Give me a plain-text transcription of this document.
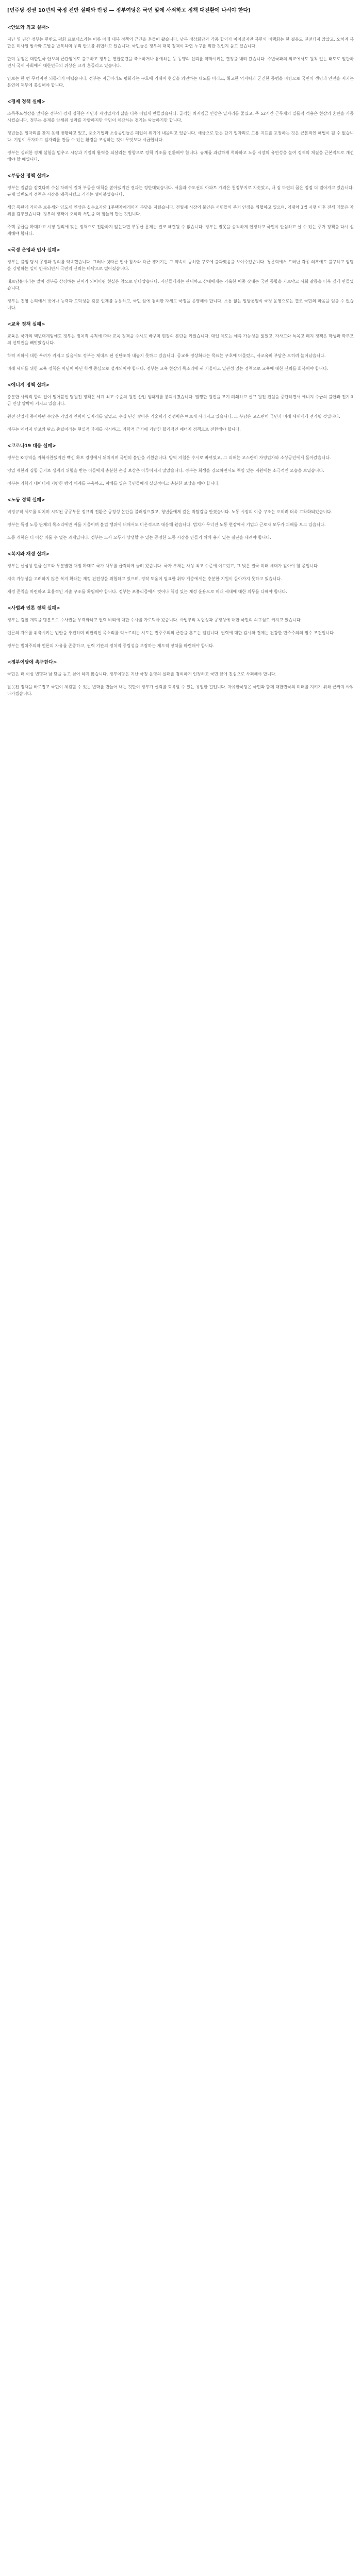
[민주당 정권 10년의 국정 전반 실패와 반성 — 정부여당은 국민 앞에 사죄하고 정책 대전환에 나서야 한다]
<안보와 외교 실패>

지난 몇 년간 정부는 한반도 평화 프로세스라는 이름 아래 대북 정책의 근간을 흔들어 왔습니다. 남북 정상회담과 각종 합의가 이어졌지만 북한의 비핵화는 한 걸음도 진전되지 않았고, 오히려 북한은 미사일 발사와 도발을 반복하며 우리 안보를 위협하고 있습니다. 국민들은 정부의 대북 정책이 과연 누구를 위한 것인지 묻고 있습니다.

한미 동맹은 대한민국 안보의 근간임에도 불구하고 정부는 연합훈련을 축소하거나 유예하는 등 동맹의 신뢰를 약화시키는 결정을 내려 왔습니다. 주변국과의 외교에서도 원칙 없는 태도로 일관하면서 국제 사회에서 대한민국의 위상은 크게 흔들리고 있습니다.

안보는 한 번 무너지면 되돌리기 어렵습니다. 정부는 지금이라도 평화라는 구호에 기대어 현실을 외면하는 태도를 버리고, 확고한 억지력과 굳건한 동맹을 바탕으로 국민의 생명과 안전을 지키는 본연의 책무에 충실해야 합니다.

<경제 정책 실패>

소득주도성장을 앞세운 정부의 경제 정책은 서민과 자영업자의 삶을 더욱 어렵게 만들었습니다. 급격한 최저임금 인상은 일자리를 줄였고, 주 52시간 근무제의 일률적 적용은 현장의 혼란을 가중시켰습니다. 정부는 통계를 앞세워 성과를 자랑하지만 국민이 체감하는 경기는 싸늘하기만 합니다.

청년들은 일자리를 찾지 못해 방황하고 있고, 중소기업과 소상공인들은 폐업의 위기에 내몰리고 있습니다. 세금으로 만든 단기 일자리로 고용 지표를 포장하는 것은 근본적인 해법이 될 수 없습니다. 기업이 투자하고 일자리를 만들 수 있는 환경을 조성하는 것이 무엇보다 시급합니다.

정부는 실패한 경제 실험을 멈추고 시장과 기업의 활력을 되살리는 방향으로 정책 기조를 전환해야 합니다. 규제를 과감하게 혁파하고 노동 시장의 유연성을 높여 경제의 체질을 근본적으로 개선해야 할 때입니다.

<부동산 정책 실패>

정부는 집값을 잡겠다며 수십 차례에 걸쳐 부동산 대책을 쏟아냈지만 결과는 정반대였습니다. 서울과 수도권의 아파트 가격은 천정부지로 치솟았고, 내 집 마련의 꿈은 점점 더 멀어지고 있습니다. 규제 일변도의 정책은 시장을 왜곡시켰고 거래는 얼어붙었습니다.

세금 폭탄에 가까운 보유세와 양도세 인상은 실수요자와 1주택자에게까지 부담을 지웠습니다. 전월세 시장의 불안은 서민들의 주거 안정을 위협하고 있으며, 임대차 3법 시행 이후 전세 매물은 자취를 감추었습니다. 정부의 정책이 오히려 서민을 더 힘들게 만든 것입니다.

주택 공급을 확대하고 시장 원리에 맞는 정책으로 전환하지 않는다면 부동산 문제는 결코 해결될 수 없습니다. 정부는 잘못을 솔직하게 인정하고 국민이 안심하고 살 수 있는 주거 정책을 다시 설계해야 합니다.

<국정 운영과 인사 실패>

정부는 출범 당시 공정과 정의를 약속했습니다. 그러나 잇따른 인사 참사와 측근 챙기기는 그 약속이 공허한 구호에 불과했음을 보여주었습니다. 청문회에서 드러난 각종 의혹에도 불구하고 임명을 강행하는 일이 반복되면서 국민의 신뢰는 바닥으로 떨어졌습니다.

내로남불이라는 말이 정부를 상징하는 단어가 되어버린 현실은 참으로 안타깝습니다. 자신들에게는 관대하고 상대에게는 가혹한 이중 잣대는 국민 통합을 가로막고 사회 갈등을 더욱 깊게 만들었습니다.

정부는 진영 논리에서 벗어나 능력과 도덕성을 갖춘 인재를 등용하고, 국민 앞에 겸허한 자세로 국정을 운영해야 합니다. 소통 없는 일방통행식 국정 운영으로는 결코 국민의 마음을 얻을 수 없습니다.

<교육 정책 실패>

교육은 국가의 백년대계임에도 정부는 정치적 목적에 따라 교육 정책을 수시로 바꾸며 현장의 혼란을 키웠습니다. 대입 제도는 예측 가능성을 잃었고, 자사고와 특목고 폐지 정책은 학생과 학부모의 선택권을 빼앗았습니다.

학력 저하에 대한 우려가 커지고 있음에도 정부는 제대로 된 진단조차 내놓지 못하고 있습니다. 공교육 정상화라는 목표는 구호에 머물렀고, 사교육비 부담은 오히려 늘어났습니다.

미래 세대를 위한 교육 정책은 이념이 아닌 학생 중심으로 설계되어야 합니다. 정부는 교육 현장의 목소리에 귀 기울이고 일관성 있는 정책으로 교육에 대한 신뢰를 회복해야 합니다.

<에너지 정책 실패>

충분한 사회적 합의 없이 밀어붙인 탈원전 정책은 세계 최고 수준의 원전 산업 생태계를 붕괴시켰습니다. 멀쩡한 원전을 조기 폐쇄하고 신규 원전 건설을 중단하면서 에너지 수급의 불안과 전기요금 인상 압박이 커지고 있습니다.

원전 산업에 종사하던 수많은 기업과 인력이 일자리를 잃었고, 수십 년간 쌓아온 기술력과 경쟁력은 빠르게 사라지고 있습니다. 그 부담은 고스란히 국민과 미래 세대에게 전가될 것입니다.

정부는 에너지 안보와 탄소 중립이라는 현실적 과제를 직시하고, 과학적 근거에 기반한 합리적인 에너지 정책으로 전환해야 합니다.

<코로나19 대응 실패>

정부는 K-방역을 자화자찬했지만 백신 확보 경쟁에서 뒤처지며 국민의 불안을 키웠습니다. 방역 지침은 수시로 바뀌었고, 그 피해는 고스란히 자영업자와 소상공인에게 돌아갔습니다.

영업 제한과 집합 금지로 생계의 위협을 받는 이들에게 충분한 손실 보상은 이루어지지 않았습니다. 정부는 희생을 강요하면서도 책임 있는 지원에는 소극적인 모습을 보였습니다.

정부는 과학과 데이터에 기반한 방역 체계를 구축하고, 피해를 입은 국민들에게 실질적이고 충분한 보상을 해야 합니다.

<노동 정책 실패>

비정규직 제로를 외치며 시작된 공공부문 정규직 전환은 공정성 논란을 불러일으켰고, 청년들에게 깊은 박탈감을 안겼습니다. 노동 시장의 이중 구조는 오히려 더욱 고착화되었습니다.

정부는 특정 노동 단체의 목소리에만 귀를 기울이며 불법 행위에 대해서도 미온적으로 대응해 왔습니다. 법치가 무너진 노동 현장에서 기업과 근로자 모두가 피해를 보고 있습니다.

노동 개혁은 더 이상 미룰 수 없는 과제입니다. 정부는 노사 모두가 상생할 수 있는 공정한 노동 시장을 만들기 위해 용기 있는 결단을 내려야 합니다.

<복지와 재정 실패>

정부는 선심성 현금 살포와 무분별한 재정 확대로 국가 채무를 급격하게 늘려 왔습니다. 국가 부채는 사상 최고 수준에 이르렀고, 그 빚은 결국 미래 세대가 갚아야 할 몫입니다.

지속 가능성을 고려하지 않은 복지 확대는 재정 건전성을 위협하고 있으며, 정작 도움이 필요한 취약 계층에게는 충분한 지원이 돌아가지 못하고 있습니다.

재정 준칙을 마련하고 효율적인 지출 구조를 확립해야 합니다. 정부는 포퓰리즘에서 벗어나 책임 있는 재정 운용으로 미래 세대에 대한 의무를 다해야 합니다.

<사법과 언론 정책 실패>

정부는 검찰 개혁을 명분으로 수사권을 무력화하고 권력 비리에 대한 수사를 가로막아 왔습니다. 사법부의 독립성과 공정성에 대한 국민의 의구심도 커지고 있습니다.

언론의 자유를 위축시키는 법안을 추진하며 비판적인 목소리를 억누르려는 시도는 민주주의의 근간을 흔드는 일입니다. 권력에 대한 감시와 견제는 건강한 민주주의의 필수 조건입니다.

정부는 법치주의와 언론의 자유를 존중하고, 권력 기관의 정치적 중립성을 보장하는 제도적 장치를 마련해야 합니다.

<정부여당에 촉구한다>

국민은 더 이상 변명과 남 탓을 듣고 싶어 하지 않습니다. 정부여당은 지난 국정 운영의 실패를 겸허하게 인정하고 국민 앞에 진심으로 사죄해야 합니다.

잘못된 정책을 바로잡고 국민이 체감할 수 있는 변화를 만들어 내는 것만이 정부가 신뢰를 회복할 수 있는 유일한 길입니다. 자유한국당은 국민과 함께 대한민국의 미래를 지키기 위해 끝까지 싸워 나가겠습니다.
